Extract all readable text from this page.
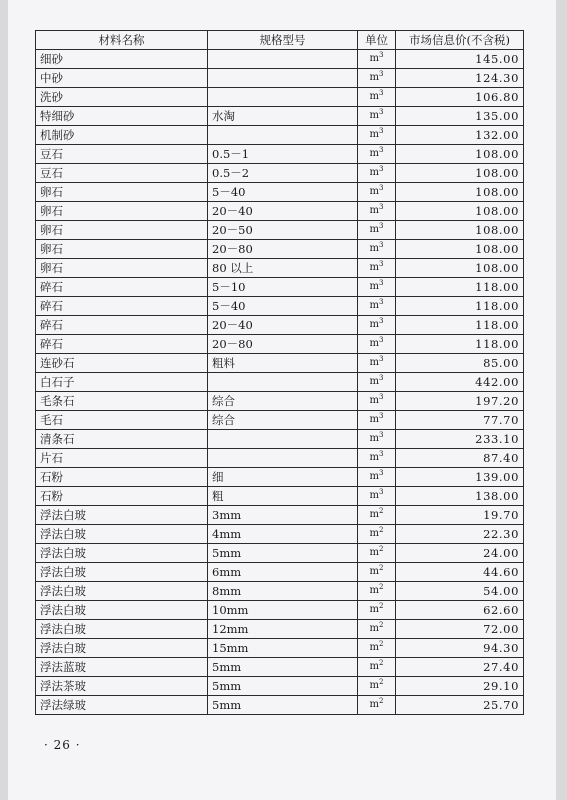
材料名称	规格型号	单位	市场信息价(不含税)
细砂		$m^3$	145.00
中砂		$m^3$	124.30
洗砂		$m^3$	106.80
特细砂	水淘	$m^3$	135.00
机制砂		$m^3$	132.00
豆石	0.5－1	$m^3$	108.00
豆石	0.5－2	$m^3$	108.00
卵石	5－40	$m^3$	108.00
卵石	20－40	$m^3$	108.00
卵石	20－50	$m^3$	108.00
卵石	20－80	$m^3$	108.00
卵石	80 以上	$m^3$	108.00
碎石	5－10	$m^3$	118.00
碎石	5－40	$m^3$	118.00
碎石	20－40	$m^3$	118.00
碎石	20－80	$m^3$	118.00
连砂石	粗料	$m^3$	85.00
白石子		$m^3$	442.00
毛条石	综合	$m^3$	197.20
毛石	综合	$m^3$	77.70
清条石		$m^3$	233.10
片石		$m^3$	87.40
石粉	细	$m^3$	139.00
石粉	粗	$m^3$	138.00
浮法白玻	3mm	$m^2$	19.70
浮法白玻	4mm	$m^2$	22.30
浮法白玻	5mm	$m^2$	24.00
浮法白玻	6mm	$m^2$	44.60
浮法白玻	8mm	$m^2$	54.00
浮法白玻	10mm	$m^2$	62.60
浮法白玻	12mm	$m^2$	72.00
浮法白玻	15mm	$m^2$	94.30
浮法蓝玻	5mm	$m^2$	27.40
浮法茶玻	5mm	$m^2$	29.10
浮法绿玻	5mm	$m^2$	25.70
· 26 ·
